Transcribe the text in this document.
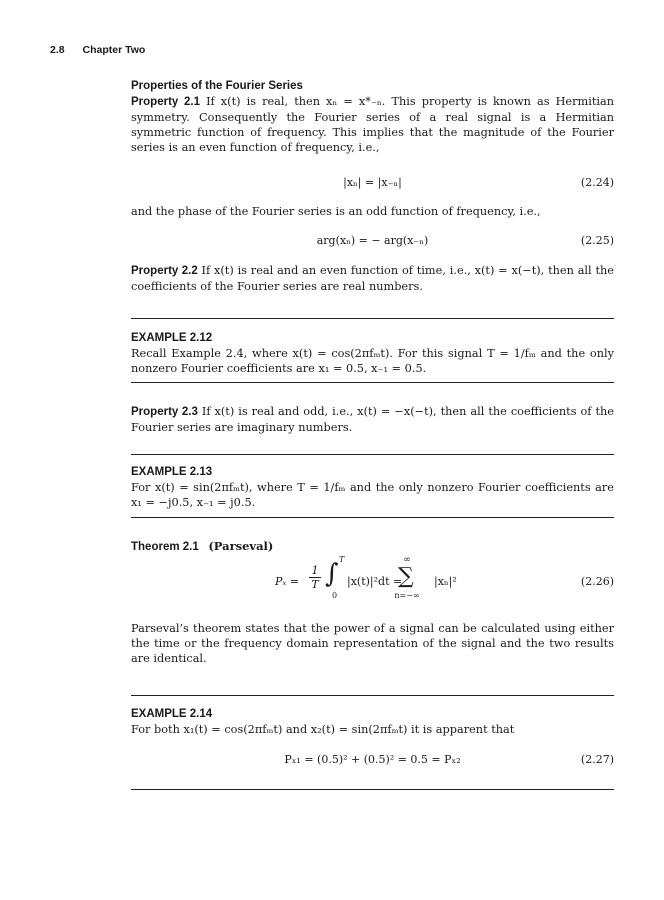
2.8 Chapter Two

Properties of the Fourier Series

Property 2.1 If x(t) is real, then xₙ = x*₋ₙ. This property is known as Hermitian symmetry. Consequently the Fourier series of a real signal is a Hermitian symmetric function of frequency. This implies that the magnitude of the Fourier series is an even function of frequency, i.e.,

|xₙ| = |x₋ₙ|	(2.24)

and the phase of the Fourier series is an odd function of frequency, i.e.,

arg(xₙ) = − arg(x₋ₙ)	(2.25)

Property 2.2 If x(t) is real and an even function of time, i.e., x(t) = x(−t), then all the coefficients of the Fourier series are real numbers.

EXAMPLE 2.12

Recall Example 2.4, where x(t) = cos(2πfₘt). For this signal T = 1/fₘ and the only nonzero Fourier coefficients are x₁ = 0.5, x₋₁ = 0.5.

Property 2.3 If x(t) is real and odd, i.e., x(t) = −x(−t), then all the coefficients of the Fourier series are imaginary numbers.

EXAMPLE 2.13

For x(t) = sin(2πfₘt), where T = 1/fₘ and the only nonzero Fourier coefficients are x₁ = −j0.5, x₋₁ = j0.5.

Theorem 2.1 (Parseval)

$P_x = \frac{1}{T}$ ∫ T
0
|x(t)|²dt =
∞
∑
n=−∞
|xₙ|²	(2.26)

Parseval’s theorem states that the power of a signal can be calculated using either the time or the frequency domain representation of the signal and the two results are identical.

EXAMPLE 2.14

For both x₁(t) = cos(2πfₘt) and x₂(t) = sin(2πfₘt) it is apparent that

Pₓ₁ = (0.5)² + (0.5)² = 0.5 = Pₓ₂	(2.27)
